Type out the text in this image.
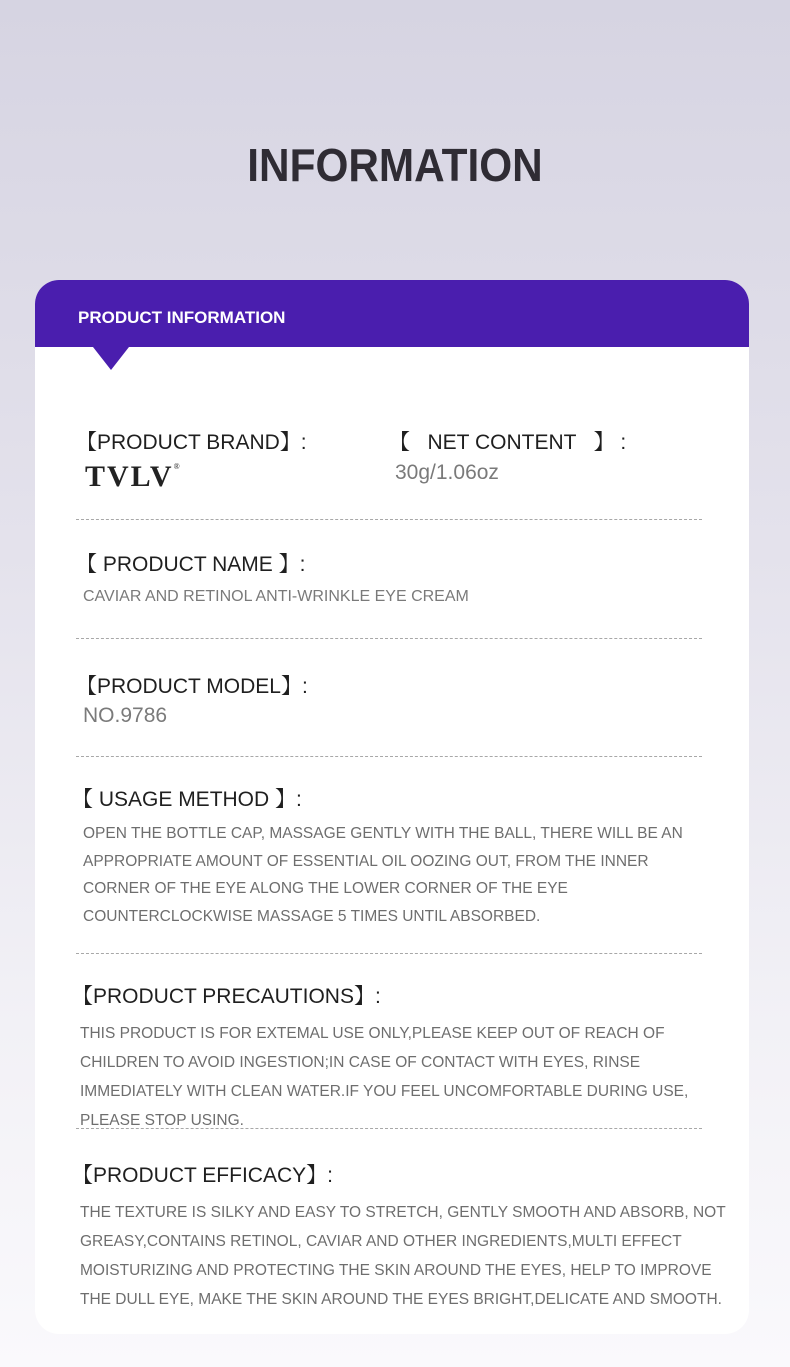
INFORMATION
PRODUCT INFORMATION
【PRODUCT BRAND】:
TVLV®
【   NET CONTENT   】 :
30g/1.06oz
【 PRODUCT NAME 】:
CAVIAR AND RETINOL ANTI-WRINKLE EYE CREAM
【PRODUCT MODEL】:
NO.9786
【 USAGE METHOD 】:
OPEN THE BOTTLE CAP, MASSAGE GENTLY WITH THE BALL, THERE WILL BE AN APPROPRIATE AMOUNT OF ESSENTIAL OIL OOZING OUT, FROM THE INNER CORNER OF THE EYE ALONG THE LOWER CORNER OF THE EYE COUNTERCLOCKWISE MASSAGE 5 TIMES UNTIL ABSORBED.
【PRODUCT PRECAUTIONS】:
THIS PRODUCT IS FOR EXTEMAL USE ONLY,PLEASE KEEP OUT OF REACH OF CHILDREN TO AVOID INGESTION;IN CASE OF CONTACT WITH EYES, RINSE IMMEDIATELY WITH CLEAN WATER.IF YOU FEEL UNCOMFORTABLE DURING USE, PLEASE STOP USING.
【PRODUCT EFFICACY】:
THE TEXTURE IS SILKY AND EASY TO STRETCH, GENTLY SMOOTH AND ABSORB, NOT GREASY,CONTAINS RETINOL, CAVIAR AND OTHER INGREDIENTS,MULTI EFFECT MOISTURIZING AND PROTECTING THE SKIN AROUND THE EYES, HELP TO IMPROVE THE DULL EYE, MAKE THE SKIN AROUND THE EYES BRIGHT,DELICATE AND SMOOTH.
